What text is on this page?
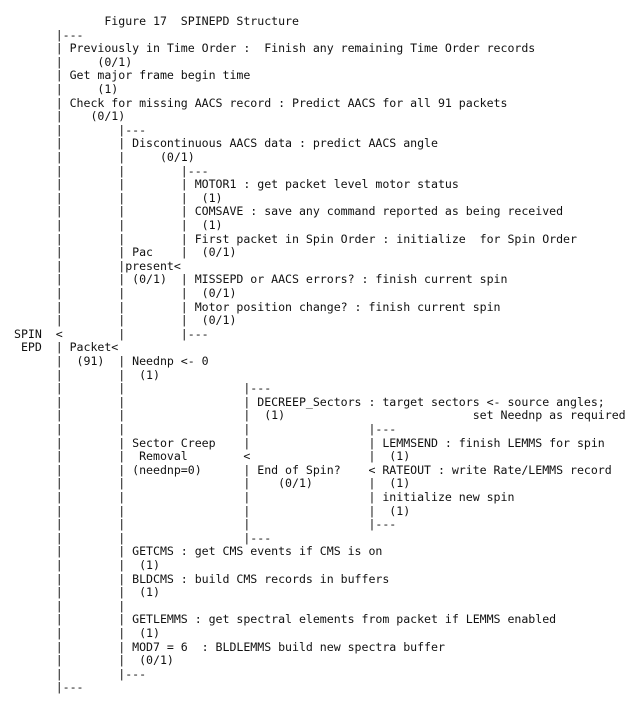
Figure 17  SPINEPD Structure
|---
| Previously in Time Order :  Finish any remaining Time Order records
|     (0/1)
| Get major frame begin time
|     (1)
| Check for missing AACS record : Predict AACS for all 91 packets
|    (0/1)
|        |---
|        | Discontinuous AACS data : predict AACS angle
|        |     (0/1)
|        |        |---
|        |        | MOTOR1 : get packet level motor status
|        |        |  (1)
|        |        | COMSAVE : save any command reported as being received
|        |        |  (1)
|        |        | First packet in Spin Order : initialize  for Spin Order
|        | Pac    |  (0/1)
|        |present<
|        | (0/1)  | MISSEPD or AACS errors? : finish current spin
|        |        |  (0/1)
|        |        | Motor position change? : finish current spin
|        |        |  (0/1)
SPIN  <        |        |---
EPD  | Packet<
|  (91)  | Neednp <- 0
|        |  (1)
|        |                 |---
|        |                 | DECREEP_Sectors : target sectors <- source angles;
|        |                 |  (1)                           set Neednp as required
|        |                 |                 |---
|        | Sector Creep    |                 | LEMMSEND : finish LEMMS for spin
|        |  Removal        <                 |  (1)
|        | (neednp=0)      | End of Spin?    < RATEOUT : write Rate/LEMMS record
|        |                 |    (0/1)        |  (1)
|        |                 |                 | initialize new spin
|        |                 |                 |  (1)
|        |                 |                 |---
|        |                 |---
|        | GETCMS : get CMS events if CMS is on
|        |  (1)
|        | BLDCMS : build CMS records in buffers
|        |  (1)
|        |
|        | GETLEMMS : get spectral elements from packet if LEMMS enabled
|        |  (1)
|        | MOD7 = 6  : BLDLEMMS build new spectra buffer
|        |  (0/1)
|        |---
|---
